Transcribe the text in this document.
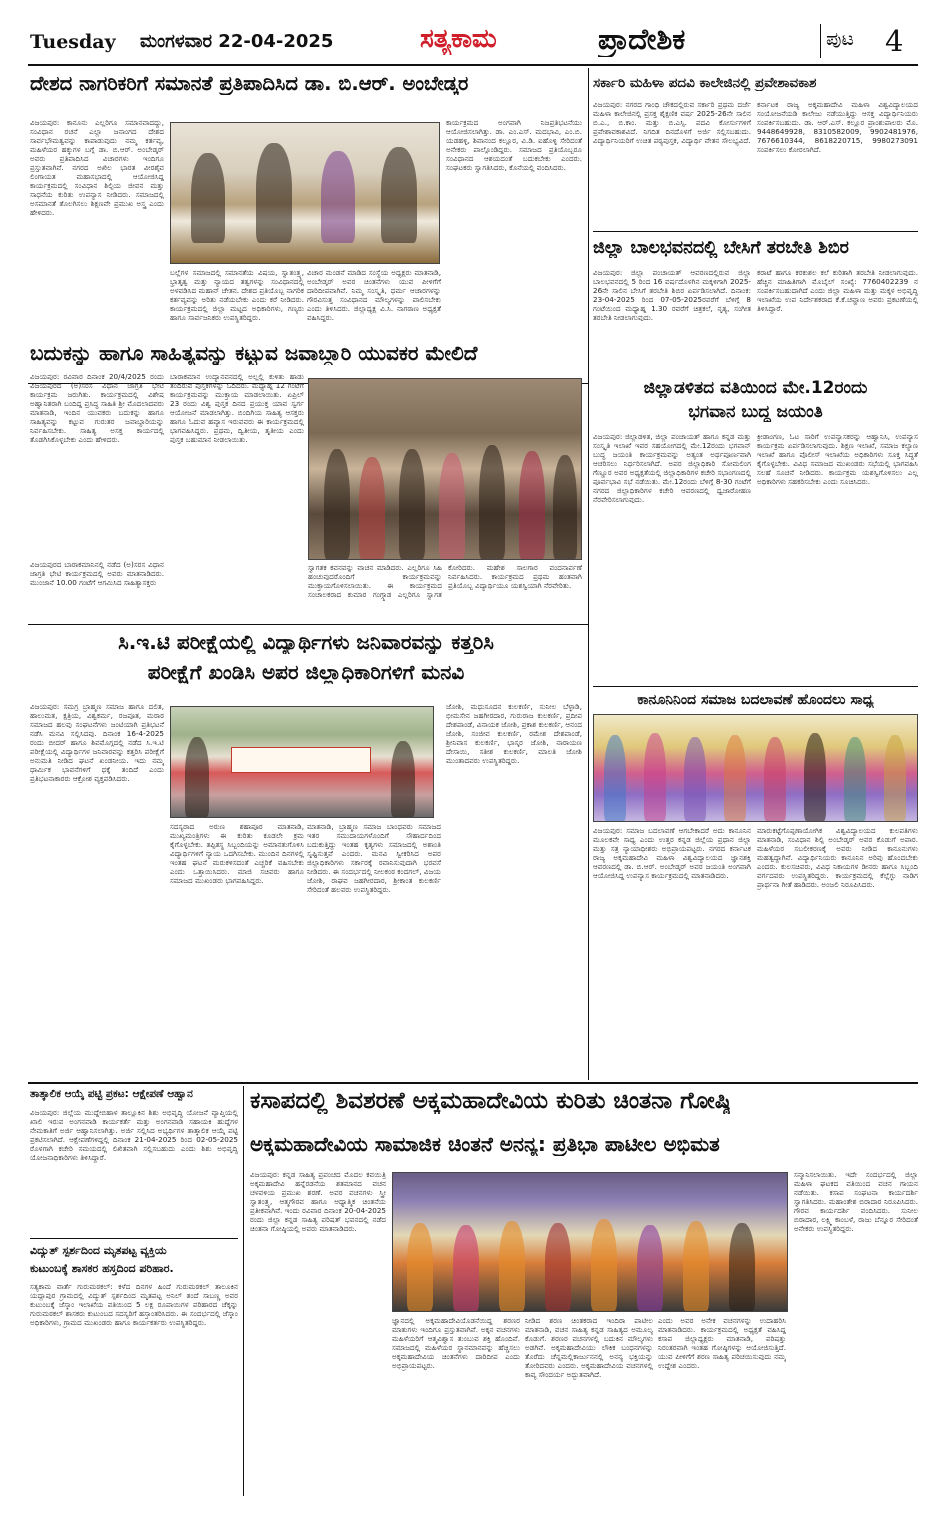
Tuesday ಮಂಗಳವಾರ 22-04-2025	ಸತ್ಯಕಾಮ	ಪ್ರಾದೇಶಿಕ	ಪುಟ 4
ದೇಶದ ನಾಗರಿಕರಿಗೆ ಸಮಾನತೆ ಪ್ರತಿಪಾದಿಸಿದ ಡಾ. ಬಿ.ಆರ್. ಅಂಬೇಡ್ಕರ
ವಿಜಯಪುರ: ಕಾನೂನು ಎಲ್ಲರಿಗೂ ಸಮಾನವಾದದ್ದು, ಸಂವಿಧಾನ ರಚನೆ ಎಲ್ಲಾ ಜನಾಂಗದ ದೇಶದ ಸಾರ್ವಭೌಮತ್ವವನ್ನು ಕಾಪಾಡುವುದು ನಮ್ಮ ಕರ್ತವ್ಯ, ಮಹಿಳೆಯರ ಹಕ್ಕುಗಳ ಬಗ್ಗೆ ಡಾ. ಬಿ.ಆರ್. ಅಂಬೇಡ್ಕರ್ ಅವರು ಪ್ರತಿಪಾದಿಸಿದ ವಿಚಾರಗಳು ಇಂದಿಗೂ ಪ್ರಸ್ತುತವಾಗಿವೆ. ನಗರದ ಅಖಿಲ ಭಾರತ ವೀರಶೈವ ಲಿಂಗಾಯತ ಮಹಾಸಭಾದಲ್ಲಿ ಆಯೋಜಿಸಿದ್ದ ಕಾರ್ಯಕ್ರಮದಲ್ಲಿ ಸಂವಿಧಾನ ಶಿಲ್ಪಿಯ ಜೀವನ ಮತ್ತು ಸಾಧನೆಯ ಕುರಿತು ಉಪನ್ಯಾಸ ನೀಡಿದರು. ಸಮಾಜದಲ್ಲಿ ಅಸಮಾನತೆ ತೊಲಗಿಸಲು ಶಿಕ್ಷಣವೇ ಪ್ರಮುಖ ಅಸ್ತ್ರ ಎಂದು ಹೇಳಿದರು.
ಬಲ್ಲೆಗಳ ಸಮಾಜದಲ್ಲಿ ಸಮಾನತೆಯ ವಿಷಯ, ಸ್ವಾತಂತ್ರ್ಯ, ಭ್ರಾತೃತ್ವ ಮತ್ತು ನ್ಯಾಯದ ತತ್ವಗಳನ್ನು ಸಂವಿಧಾನದಲ್ಲಿ ಅಳವಡಿಸಿದ ಮಹಾನ್ ಚೇತನ. ದೇಶದ ಪ್ರತಿಯೊಬ್ಬ ನಾಗರಿಕ ಕರ್ತವ್ಯವನ್ನು ಅರಿತು ನಡೆಯಬೇಕು ಎಂದು ಕರೆ ನೀಡಿದರು. ಕಾರ್ಯಕ್ರಮದಲ್ಲಿ ಜಿಲ್ಲಾ ಮಟ್ಟದ ಅಧಿಕಾರಿಗಳು, ಗಣ್ಯರು ಹಾಗೂ ಸಾರ್ವಜನಿಕರು ಉಪಸ್ಥಿತರಿದ್ದರು.
ವಿಚಾರ ಮಂಡನೆ ಮಾಡಿದ ಸಂಸ್ಥೆಯ ಅಧ್ಯಕ್ಷರು ಮಾತನಾಡಿ, ಅಂಬೇಡ್ಕರ್ ಅವರ ಚಿಂತನೆಗಳು ಯುವ ಪೀಳಿಗೆಗೆ ದಾರಿದೀಪವಾಗಿವೆ. ನಿಮ್ಮ ಸಂಸ್ಕೃತಿ, ಧರ್ಮ ಆಚಾರಗಳನ್ನು ಗೌರವಿಸುತ್ತ ಸಂವಿಧಾನದ ಮೌಲ್ಯಗಳನ್ನು ಪಾಲಿಸಬೇಕು ಎಂದು ತಿಳಿಸಿದರು. ಜಿಲ್ಲಾಧ್ಯಕ್ಷ ವಿ.ಸಿ. ನಾಗಠಾಣ ಅಧ್ಯಕ್ಷತೆ ವಹಿಸಿದ್ದರು.
ಕಾರ್ಯಕ್ರಮದ ಅಂಗವಾಗಿ ನಿಜಪ್ರತಿಭಟನೆಯು ಆಯೋಜಿಸಲಾಗಿತ್ತು. ಡಾ. ಎಂ.ಎಸ್. ಮದಭಾವಿ, ಎಂ.ಬಿ. ಯಡಹಳ್ಳಿ, ಶಿವಾನಂದ ಕಲ್ಲೂರ, ವಿ.ಡಿ. ಐಹೊಳ್ಳಿ ಸೇರಿದಂತೆ ಅನೇಕರು ಪಾಲ್ಗೊಂಡಿದ್ದರು. ಸಮಾಜದ ಪ್ರತಿಯೊಬ್ಬರೂ ಸಂವಿಧಾನದ ಆಶಯದಂತೆ ಬದುಕಬೇಕು ಎಂದರು. ಸಂಘಟಕರು ಸ್ವಾಗತಿಸಿದರು, ಕೊನೆಯಲ್ಲಿ ವಂದಿಸಿದರು.
ಸರ್ಕಾರಿ ಮಹಿಳಾ ಪದವಿ ಕಾಲೇಜಿನಲ್ಲಿ ಪ್ರವೇಶಾವಕಾಶ
ವಿಜಯಪುರ: ನಗರದ ಗಾಂಧಿ ಚೌಕದಲ್ಲಿರುವ ಸರ್ಕಾರಿ ಪ್ರಥಮ ದರ್ಜೆ ಮಹಿಳಾ ಕಾಲೇಜಿನಲ್ಲಿ ಪ್ರಸಕ್ತ ಶೈಕ್ಷಣಿಕ ವರ್ಷ 2025-26ನೇ ಸಾಲಿನ ಬಿ.ಎ., ಬಿ.ಕಾಂ. ಮತ್ತು ಬಿ.ಎಸ್ಸಿ. ಪದವಿ ಕೋರ್ಸುಗಳಿಗೆ ಪ್ರವೇಶಾವಕಾಶವಿದೆ. ನಿಗದಿತ ದಿನದೊಳಗೆ ಅರ್ಜಿ ಸಲ್ಲಿಸಬಹುದು. ವಿದ್ಯಾರ್ಥಿನಿಯರಿಗೆ ಉಚಿತ ಪಠ್ಯಪುಸ್ತಕ, ವಿದ್ಯಾರ್ಥಿ ವೇತನ ಸೌಲಭ್ಯವಿದೆ.
ಕರ್ನಾಟಕ ರಾಜ್ಯ ಅಕ್ಕಮಹಾದೇವಿ ಮಹಿಳಾ ವಿಶ್ವವಿದ್ಯಾಲಯದ ಸಂಯೋಜನೆಯಡಿ ಕಾಲೇಜು ನಡೆಯುತ್ತಿದ್ದು ಆಸಕ್ತ ವಿದ್ಯಾರ್ಥಿನಿಯರು ಸಂಪರ್ಕಿಸಬಹುದು. ಡಾ. ಆರ್.ಎಸ್. ಕಲ್ಲೂರ ಪ್ರಾಂಶುಪಾಲರು ಮೊ. 9448649928, 8310582009, 9902481976, 7676610344, 8618220715, 9980273091 ಸಂಪರ್ಕಿಸಲು ಕೋರಲಾಗಿದೆ.
ಜಿಲ್ಲಾ ಬಾಲಭವನದಲ್ಲಿ ಬೇಸಿಗೆ ತರಬೇತಿ ಶಿಬಿರ
ವಿಜಯಪುರ: ಜಿಲ್ಲಾ ಪಂಚಾಯತ್ ಆವರಣದಲ್ಲಿರುವ ಜಿಲ್ಲಾ ಬಾಲಭವನದಲ್ಲಿ 5 ರಿಂದ 16 ವರ್ಷದೊಳಗಿನ ಮಕ್ಕಳಿಗಾಗಿ 2025-26ನೇ ಸಾಲಿನ ಬೇಸಿಗೆ ತರಬೇತಿ ಶಿಬಿರ ಏರ್ಪಡಿಸಲಾಗಿದೆ. ದಿನಾಂಕ: 23-04-2025 ರಿಂದ 07-05-2025ರವರೆಗೆ ಬೆಳಿಗ್ಗೆ 8 ಗಂಟೆಯಿಂದ ಮಧ್ಯಾಹ್ನ 1.30 ರವರೆಗೆ ಚಿತ್ರಕಲೆ, ನೃತ್ಯ, ಸಂಗೀತ ತರಬೇತಿ ನೀಡಲಾಗುವುದು.
ಕರಾಟೆ ಹಾಗೂ ಕರಕುಶಲ ಕಲೆ ಕುರಿತಾಗಿ ತರಬೇತಿ ನೀಡಲಾಗುವುದು. ಹೆಚ್ಚಿನ ಮಾಹಿತಿಗಾಗಿ ಮೊಬೈಲ್ ಸಂಖ್ಯೆ: 7760402239 ನ ಸಂಪರ್ಕಿಸಬಹುದಾಗಿದೆ ಎಂದು ಜಿಲ್ಲಾ ಮಹಿಳಾ ಮತ್ತು ಮಕ್ಕಳ ಅಭಿವೃದ್ಧಿ ಇಲಾಖೆಯ ಉಪ ನಿರ್ದೇಶಕರಾದ ಕೆ.ಕೆ.ಚವ್ಹಾಣ ಅವರು ಪ್ರಕಟಣೆಯಲ್ಲಿ ತಿಳಿಸಿದ್ದಾರೆ.
ಬದುಕನ್ನು ಹಾಗೂ ಸಾಹಿತ್ಯವನ್ನು ಕಟ್ಟುವ ಜವಾಬ್ದಾರಿ ಯುವಕರ ಮೇಲಿದೆ
ವಿಜಯಪುರ: ರವಿವಾರ ದಿನಾಂಕ 20/4/2025 ರಂದು ವಿಜಯಪುರದ (ಅ)ಸರಸ ವಿಧಾನ ಜಾಗ್ರತಿ ಭೇಟಿ ಕಾರ್ಯಕ್ರಮ ಜರುಗಿತು. ಕಾರ್ಯಕ್ರಮದಲ್ಲಿ ವಿಶೇಷ ಅಹ್ವಾನಿತರಾಗಿ ಬಂದಿದ್ದ ಪ್ರಸಿದ್ಧ ಸಾಹಿತಿ ಶ್ರೀ ಮೊದಲಾದವರು ಮಾತನಾಡಿ, ಇಂದಿನ ಯುವಕರು ಬದುಕನ್ನು ಹಾಗೂ ಸಾಹಿತ್ಯವನ್ನು ಕಟ್ಟುವ ಗುರುತರ ಜವಾಬ್ದಾರಿಯನ್ನು ನಿರ್ವಹಿಸಬೇಕು. ಸಾಹಿತ್ಯ ಅಸಕ್ತ ಕಾರ್ಯದಲ್ಲಿ ತೊಡಗಿಸಿಕೊಳ್ಳಬೇಕು ಎಂದು ಹೇಳಿದರು.
ವಿಜಯಪುರದ ಬಾರಾಕಮಾನಿನಲ್ಲಿ ನಡೆದ (ಅ)ಸರಸ ವಿಧಾನ ಜಾಗ್ರತಿ ಭೇಟಿ ಕಾರ್ಯಕ್ರಮದಲ್ಲಿ ಅವರು ಮಾತನಾಡಿದರು. ಮುಂಜಾನೆ 10.00 ಗಂಟೆಗೆ ಆಗಮಿಸಿದ ಸಾಹಿತ್ಯಾಸಕ್ತರು
ಬಾರಾಕಮಾನ ಉದ್ಯಾನವನದಲ್ಲಿ ಅಲ್ಲಲ್ಲಿ ಕುಳಿತು ಹಾಡು ತಂದಿರುವ ಪುಸ್ತಕಗಳನ್ನು ಓದಿದರು. ಮಧ್ಯಾಹ್ನ 12 ಗಂಟೆಗೆ ಕಾರ್ಯಕ್ರಮವನ್ನು ಮುಕ್ತಾಯ ಮಾಡಲಾಯಿತು. ಏಪ್ರಿಲ್ 23 ರಂದು ವಿಶ್ವ ಪುಸ್ತಕ ದಿನದ ಪ್ರಯುಕ್ತ ಯಾವ ಸ್ವರ್ಗ ಆಯೋಜನೆ ಮಾಡಲಾಗಿತ್ತು. ಬಿಂದಿಗಿಯ ಸಾಹಿತ್ಯ ಆಸಕ್ತರು ಹಾಗೂ ಓದುವ ಹವ್ಯಾಸ ಇರುವವರು ಈ ಕಾರ್ಯಕ್ರಮದಲ್ಲಿ ಭಾಗವಹಿಸಿದ್ದರು. ಪ್ರಥಮ, ದ್ವಿತೀಯ, ತೃತೀಯ ಎಂದು ಪುಸ್ತಕ ಬಹುಮಾನ ನೀಡಲಾಯಿತು.
ಸ್ವಾಗತಕ ಕವನವನ್ನು ವಾಚನ ಮಾಡಿದರು. ಎಲ್ಲರಿಗೂ ಸಿಹಿ ಹಂಚುವುದರೊಂದಿಗೆ ಕಾರ್ಯಕ್ರಮವನ್ನು ಮುಕ್ತಾಯಗೊಳಿಸಲಾಯಿತು. ಈ ಕಾರ್ಯಕ್ರಮದ ಸಂಚಾಲಕರಾದ ಕುಮಾರ ಗಂಗ್ಗ್ನಾಡ ಎಲ್ಲರಿಗೂ ಸ್ವಾಗತ ಕೋರಿದರು. ಮಹೇಶ ಸಾಲಗಾರ ವಂದನಾರ್ಪಣೆ ನಿರ್ವಹಿಸಿದರು. ಕಾರ್ಯಕ್ರಮದ ಪ್ರಥಮ ಹಂತವಾಗಿ ಪ್ರತಿಯೊಬ್ಬ ವಿದ್ಯಾರ್ಥಿಯೂ ಯಶಸ್ವಿಯಾಗಿ ನೆರವೇರಿತು.
ಜಿಲ್ಲಾಡಳಿತದ ವತಿಯಿಂದ ಮೇ.12ರಂದು
ಭಗವಾನ ಬುದ್ಧ ಜಯಂತಿ
ವಿಜಯಪುರ: ಜಿಲ್ಲಾಡಳಿತ, ಜಿಲ್ಲಾ ಪಂಚಾಯತ್ ಹಾಗೂ ಕನ್ನಡ ಮತ್ತು ಸಂಸ್ಕೃತಿ ಇಲಾಖೆ ಇವರ ಸಹಯೋಗದಲ್ಲಿ ಮೇ.12ರಂದು ಭಗವಾನ್ ಬುದ್ಧ ಜಯಂತಿ ಕಾರ್ಯಕ್ರಮವನ್ನು ಅತ್ಯಂತ ಅರ್ಥಪೂರ್ಣವಾಗಿ ಆಚರಿಸಲು ನಿರ್ಧರಿಸಲಾಗಿದೆ. ಅಪರ ಜಿಲ್ಲಾಧಿಕಾರಿ ಸೋಮಲಿಂಗ ಗೆಣ್ಣೂರ ಅವರ ಅಧ್ಯಕ್ಷತೆಯಲ್ಲಿ ಜಿಲ್ಲಾಧಿಕಾರಿಗಳ ಕಚೇರಿ ಸಭಾಂಗಣದಲ್ಲಿ ಪೂರ್ವಭಾವಿ ಸಭೆ ನಡೆಯಿತು. ಮೇ.12ರಂದು ಬೆಳಿಗ್ಗೆ 8-30 ಗಂಟೆಗೆ ನಗರದ ಜಿಲ್ಲಾಧಿಕಾರಿಗಳ ಕಚೇರಿ ಆವರಣದಲ್ಲಿ ಧ್ವಜಾರೋಹಣ ನೆರವೇರಿಸಲಾಗುವುದು.
ಕ್ರೀಡಾಂಗಣ, ಓಟ ಸಾರಿಗೆ ಉಪನ್ಯಾಸಕರನ್ನು ಆಹ್ವಾನಿಸಿ, ಉಪನ್ಯಾಸ ಕಾರ್ಯಕ್ರಮ ಏರ್ಪಡಿಸಲಾಗುವುದು. ಶಿಕ್ಷಣ ಇಲಾಖೆ, ಸಮಾಜ ಕಲ್ಯಾಣ ಇಲಾಖೆ ಹಾಗೂ ಪೊಲೀಸ್ ಇಲಾಖೆಯ ಅಧಿಕಾರಿಗಳು ಸೂಕ್ತ ಸಿದ್ಧತೆ ಕೈಗೊಳ್ಳಬೇಕು. ವಿವಿಧ ಸಮಾಜದ ಮುಖಂಡರು ಸಭೆಯಲ್ಲಿ ಭಾಗವಹಿಸಿ ಸಲಹೆ ಸೂಚನೆ ನೀಡಿದರು. ಕಾರ್ಯಕ್ರಮ ಯಶಸ್ವಿಗೊಳಿಸಲು ಎಲ್ಲ ಅಧಿಕಾರಿಗಳು ಸಹಕರಿಸಬೇಕು ಎಂದು ಸೂಚಿಸಿದರು.
ಸಿ.ಇ.ಟಿ ಪರೀಕ್ಷೆಯಲ್ಲಿ ವಿದ್ಯಾರ್ಥಿಗಳು ಜನಿವಾರವನ್ನು ಕತ್ತರಿಸಿ
ಪರೀಕ್ಷೆಗೆ ಖಂಡಿಸಿ ಅಪರ ಜಿಲ್ಲಾಧಿಕಾರಿಗಳಿಗೆ ಮನವಿ
ವಿಜಯಪುರ: ಸಮಗ್ರ ಬ್ರಾಹ್ಮಣ ಸಮಾಜ ಹಾಗೂ ದಲಿತ, ಹಾಲುಮತ, ಕ್ಷತ್ರಿಯ, ವಿಶ್ವಕರ್ಮ, ರಜಪೂತ, ಮರಾಠ ಸಮಾಜದ ಹಲವು ಸಂಘಟನೆಗಳು ಜಂಟಿಯಾಗಿ ಪ್ರತಿಭಟನೆ ನಡೆಸಿ ಮನವಿ ಸಲ್ಲಿಸಿದವು. ದಿನಾಂಕ 16-4-2025 ರಂದು ಬೀದರ್ ಹಾಗೂ ಶಿವಮೊಗ್ಗದಲ್ಲಿ ನಡೆದ ಸಿ.ಇ.ಟಿ ಪರೀಕ್ಷೆಯಲ್ಲಿ ವಿದ್ಯಾರ್ಥಿಗಳ ಜನಿವಾರವನ್ನು ಕತ್ತರಿಸಿ ಪರೀಕ್ಷೆಗೆ ಅನುಮತಿ ನೀಡಿದ ಘಟನೆ ಖಂಡನೀಯ. ಇದು ನಮ್ಮ ಧಾರ್ಮಿಕ ಭಾವನೆಗಳಿಗೆ ಧಕ್ಕೆ ತಂದಿದೆ ಎಂದು ಪ್ರತಿಭಟನಾಕಾರರು ಆಕ್ರೋಶ ವ್ಯಕ್ತಪಡಿಸಿದರು.
ಸದಸ್ಯರಾದ ಅರುಣ ಶಹಾಪೂರ ಮಾತನಾಡಿ, ಮುಖ್ಯಮಂತ್ರಿಗಳು ಈ ಕುರಿತು ಕೂಡಲೇ ಕ್ರಮ ಕೈಗೊಳ್ಳಬೇಕು. ತಪ್ಪಿತಸ್ಥ ಸಿಬ್ಬಂದಿಯನ್ನು ಅಮಾನತುಗೊಳಿಸಿ ವಿದ್ಯಾರ್ಥಿಗಳಿಗೆ ನ್ಯಾಯ ಒದಗಿಸಬೇಕು. ಮುಂದಿನ ದಿನಗಳಲ್ಲಿ ಇಂತಹ ಘಟನೆ ಮರುಕಳಿಸದಂತೆ ಎಚ್ಚರಿಕೆ ವಹಿಸಬೇಕು ಎಂದು ಒತ್ತಾಯಿಸಿದರು. ಮಾಜಿ ಸಚಿವರು ಹಾಗೂ ಸಮಾಜದ ಮುಖಂಡರು ಭಾಗವಹಿಸಿದ್ದರು.
ಮಾತನಾಡಿ, ಬ್ರಾಹ್ಮಣ ಸಮಾಜ ಬಾಂಧವರು ಸಮಾಜದ ಇತರ ಸಮುದಾಯಗಳೊಂದಿಗೆ ಸೌಹಾರ್ದದಿಂದ ಬದುಕುತ್ತಿದ್ದು ಇಂತಹ ಕೃತ್ಯಗಳು ಸಮಾಜದಲ್ಲಿ ಅಶಾಂತಿ ಸೃಷ್ಟಿಸುತ್ತವೆ ಎಂದರು. ಮನವಿ ಸ್ವೀಕರಿಸಿದ ಅಪರ ಜಿಲ್ಲಾಧಿಕಾರಿಗಳು ಸರ್ಕಾರಕ್ಕೆ ರವಾನಿಸುವುದಾಗಿ ಭರವಸೆ ನೀಡಿದರು. ಈ ಸಂದರ್ಭದಲ್ಲಿ ನೀಲಕಂಠ ಕಂದಗಲ್, ವಿಜಯ ಜೋಶಿ, ರಾಘವ ಜಹಗೀರದಾರ, ಶ್ರೀಕಾಂತ ಕುಲಕರ್ಣಿ ಸೇರಿದಂತೆ ಹಲವರು ಉಪಸ್ಥಿತರಿದ್ದರು.
ಜೋಶಿ, ಮಧುಸೂದನ ಕುಲಕರ್ಣಿ, ಸುನೀಲ ಬೆಳ್ಳಾಡಿ, ಭೀಮಸೇನ ಜಹಗೀರದಾರ, ಗುರುರಾಜ ಕುಲಕರ್ಣಿ, ಪ್ರದೀಪ ದೇಶಪಾಂಡೆ, ವಿನಾಯಕ ಜೋಶಿ, ಪ್ರಕಾಶ ಕುಲಕರ್ಣಿ, ಆನಂದ ಜೋಶಿ, ಸಂಜೀವ ಕುಲಕರ್ಣಿ, ರಮೇಶ ದೇಶಪಾಂಡೆ, ಶ್ರೀನಿವಾಸ ಕುಲಕರ್ಣಿ, ಭಾಸ್ಕರ ಜೋಶಿ, ನಾರಾಯಣ ದೇಸಾಯಿ, ಸತೀಶ ಕುಲಕರ್ಣಿ, ಮಾಲತಿ ಜೋಶಿ ಮುಂತಾದವರು ಉಪಸ್ಥಿತರಿದ್ದರು.
ಕಾನೂನಿನಿಂದ ಸಮಾಜ ಬದಲಾವಣೆ ಹೊಂದಲು ಸಾಧ್ಯ
ವಿಜಯಪುರ: ಸಮಾಜ ಬದಲಾವಣೆ ಆಗಬೇಕಾದರೆ ಅದು ಕಾನೂನಿನ ಮೂಲಕವೇ ಸಾಧ್ಯ ಎಂದು ಉತ್ತರ ಕನ್ನಡ ಜಿಲ್ಲೆಯ ಪ್ರಧಾನ ಜಿಲ್ಲಾ ಮತ್ತು ಸತ್ರ ನ್ಯಾಯಾಧೀಶರು ಅಭಿಪ್ರಾಯಪಟ್ಟರು. ನಗರದ ಕರ್ನಾಟಕ ರಾಜ್ಯ ಅಕ್ಕಮಹಾದೇವಿ ಮಹಿಳಾ ವಿಶ್ವವಿದ್ಯಾಲಯದ ಜ್ಞಾನಶಕ್ತಿ ಆವರಣದಲ್ಲಿ ಡಾ. ಬಿ.ಆರ್. ಅಂಬೇಡ್ಕರ್ ಅವರ ಜಯಂತಿ ಅಂಗವಾಗಿ ಆಯೋಜಿಸಿದ್ದ ಉಪನ್ಯಾಸ ಕಾರ್ಯಕ್ರಮದಲ್ಲಿ ಮಾತನಾಡಿದರು.
ಮಾರುಕಟ್ಟೆಗೊಪ್ಪಣಾಯೋಗಿಕ ವಿಶ್ವವಿದ್ಯಾಲಯದ ಕುಲಪತಿಗಳು ಮಾತನಾಡಿ, ಸಂವಿಧಾನ ಶಿಲ್ಪಿ ಅಂಬೇಡ್ಕರ್ ಅವರ ಕೊಡುಗೆ ಅಪಾರ. ಮಹಿಳೆಯರ ಸಬಲೀಕರಣಕ್ಕೆ ಅವರು ನೀಡಿದ ಕಾನೂನುಗಳು ಮಹತ್ವದ್ದಾಗಿವೆ. ವಿದ್ಯಾರ್ಥಿನಿಯರು ಕಾನೂನಿನ ಅರಿವು ಹೊಂದಬೇಕು ಎಂದರು. ಕುಲಸಚಿವರು, ವಿವಿಧ ನಿಕಾಯಗಳ ಡೀನರು ಹಾಗೂ ಸಿಬ್ಬಂದಿ ವರ್ಗದವರು ಉಪಸ್ಥಿತರಿದ್ದರು. ಕಾರ್ಯಕ್ರಮದಲ್ಲಿ ಕೆಲ್ಲೆಗ್ಳು ನಾಡಿಗ ಪ್ರಾರ್ಥನಾ ಗೀತೆ ಹಾಡಿದರು. ಅಂಜಲಿ ನಿರೂಪಿಸಿದರು.
ತಾತ್ಕಾಲಿಕ ಆಯ್ಕೆ ಪಟ್ಟಿ ಪ್ರಕಟ: ಆಕ್ಷೇಪಣೆ ಆಹ್ವಾನ
ವಿಜಯಪುರ: ಜಿಲ್ಲೆಯ ಮುದ್ದೇಬಿಹಾಳ ತಾಲ್ಲೂಕಿನ ಶಿಶು ಅಭಿವೃದ್ಧಿ ಯೋಜನೆ ವ್ಯಾಪ್ತಿಯಲ್ಲಿ ಖಾಲಿ ಇರುವ ಅಂಗನವಾಡಿ ಕಾರ್ಯಕರ್ತೆ ಮತ್ತು ಅಂಗನವಾಡಿ ಸಹಾಯಕಿ ಹುದ್ದೆಗಳ ನೇಮಕಾತಿಗೆ ಅರ್ಜಿ ಆಹ್ವಾನಿಸಲಾಗಿತ್ತು. ಅರ್ಜಿ ಸಲ್ಲಿಸಿದ ಅಭ್ಯರ್ಥಿಗಳ ತಾತ್ಕಾಲಿಕ ಆಯ್ಕೆ ಪಟ್ಟಿ ಪ್ರಕಟಿಸಲಾಗಿದೆ. ಆಕ್ಷೇಪಣೆಗಳಿದ್ದಲ್ಲಿ ದಿನಾಂಕ 21-04-2025 ರಿಂದ 02-05-2025 ರೊಳಗಾಗಿ ಕಚೇರಿ ಸಮಯದಲ್ಲಿ ಲಿಖಿತವಾಗಿ ಸಲ್ಲಿಸಬಹುದು ಎಂದು ಶಿಶು ಅಭಿವೃದ್ಧಿ ಯೋಜನಾಧಿಕಾರಿಗಳು ತಿಳಿಸಿದ್ದಾರೆ.
ವಿದ್ಯುತ್ ಸ್ಪರ್ಶದಿಂದ ಮೃತಪಟ್ಟ ವ್ಯಕ್ತಿಯ
ಕುಟುಂಬಕ್ಕೆ ಶಾಸಕರ ಹಸ್ತದಿಂದ ಪರಿಹಾರ.
ಸತ್ಯಕಾಮ ವಾರ್ತೆ ಗುರುಮಠಕಲ್: ಕಳೆದ ದಿನಗಳ ಹಿಂದೆ ಗುರುಮಠಕಲ್ ತಾಲೂಕಿನ ಯದ್ಲಾಪುರ ಗ್ರಾಮದಲ್ಲಿ ವಿದ್ಯುತ್ ಸ್ಪರ್ಶದಿಂದ ಮೃತಪಟ್ಟ ಅನಿಲ್ ತಂದೆ ಸಾಬಣ್ಣ ಅವರ ಕುಟುಂಬಕ್ಕೆ ಜೆಸ್ಕಾಂ ಇಲಾಖೆಯ ವತಿಯಿಂದ 5 ಲಕ್ಷ ರೂಪಾಯಿಗಳ ಪರಿಹಾರದ ಚೆಕ್ಕನ್ನು ಗುರುಮಠಕಲ್ ಶಾಸಕರು ಕುಟುಂಬದ ಸದಸ್ಯರಿಗೆ ಹಸ್ತಾಂತರಿಸಿದರು. ಈ ಸಂದರ್ಭದಲ್ಲಿ ಜೆಸ್ಕಾಂ ಅಧಿಕಾರಿಗಳು, ಗ್ರಾಮದ ಮುಖಂಡರು ಹಾಗೂ ಕಾರ್ಯಕರ್ತರು ಉಪಸ್ಥಿತರಿದ್ದರು.
ಕಸಾಪದಲ್ಲಿ ಶಿವಶರಣೆ ಅಕ್ಕಮಹಾದೇವಿಯ ಕುರಿತು ಚಿಂತನಾ ಗೋಷ್ಠಿ
ಅಕ್ಕಮಹಾದೇವಿಯ ಸಾಮಾಜಿಕ ಚಿಂತನೆ ಅನನ್ಯ: ಪ್ರತಿಭಾ ಪಾಟೀಲ ಅಭಿಮತ
ವಿಜಯಪುರ: ಕನ್ನಡ ಸಾಹಿತ್ಯ ಪ್ರಪಂಚದ ಮೊದಲ ಕವಯಿತ್ರಿ ಅಕ್ಕಮಹಾದೇವಿ ಹನ್ನೆರಡನೆಯ ಶತಮಾನದ ವಚನ ಚಳವಳಿಯ ಪ್ರಮುಖ ಶರಣೆ. ಅವರ ವಚನಗಳು ಸ್ತ್ರೀ ಸ್ವಾತಂತ್ರ್ಯ, ಆತ್ಮಗೌರವ ಹಾಗೂ ಆಧ್ಯಾತ್ಮಿಕ ಚಿಂತನೆಯ ಪ್ರತೀಕವಾಗಿವೆ. ಇಂದು ರವಿವಾರ ದಿನಾಂಕ 20-04-2025 ರಂದು ಜಿಲ್ಲಾ ಕನ್ನಡ ಸಾಹಿತ್ಯ ಪರಿಷತ್ ಭವನದಲ್ಲಿ ನಡೆದ ಚಿಂತನಾ ಗೋಷ್ಠಿಯಲ್ಲಿ ಅವರು ಮಾತನಾಡಿದರು.
ಜ್ಞಾನದಲ್ಲಿ ಅಕ್ಕಮಹಾದೇವಿಯೊಡನೆಯಿದ್ದ ಶರಣರ ಮಾತುಗಳು ಇಂದಿಗೂ ಪ್ರಸ್ತುತವಾಗಿವೆ. ಅಕ್ಕನ ವಚನಗಳು ಮಹಿಳೆಯರಿಗೆ ಆತ್ಮವಿಶ್ವಾಸ ತುಂಬುವ ಶಕ್ತಿ ಹೊಂದಿವೆ. ಸಮಾಜದಲ್ಲಿ ಮಹಿಳೆಯರ ಸ್ಥಾನಮಾನವನ್ನು ಹೆಚ್ಚಿಸಲು ಅಕ್ಕಮಹಾದೇವಿಯ ಚಿಂತನೆಗಳು ದಾರಿದೀಪ ಎಂದು ಅಭಿಪ್ರಾಯಪಟ್ಟರು.
ನೀಡಿದ ಶರಣ ಚಿಂತಕರಾದ ಇಂದಿರಾ ಪಾಟೀಲ ಮಾತನಾಡಿ, ವಚನ ಸಾಹಿತ್ಯ ಕನ್ನಡ ಸಾಹಿತ್ಯದ ಅಮೂಲ್ಯ ಕೊಡುಗೆ. ಶರಣರ ವಚನಗಳಲ್ಲಿ ಬದುಕಿನ ಮೌಲ್ಯಗಳು ಅಡಗಿವೆ. ಅಕ್ಕಮಹಾದೇವಿಯು ಲೌಕಿಕ ಬಂಧನಗಳನ್ನು ತೊರೆದು ಚೆನ್ನಮಲ್ಲಿಕಾರ್ಜುನನಲ್ಲಿ ಅನನ್ಯ ಭಕ್ತಿಯನ್ನು ತೋರಿದವರು ಎಂದರು. ಅಕ್ಕಮಹಾದೇವಿಯ ವಚನಗಳಲ್ಲಿ ಕಾವ್ಯ ಸೌಂದರ್ಯ ಅದ್ಭುತವಾಗಿದೆ.
ಎಂದು ಅವರ ಅನೇಕ ವಚನಗಳನ್ನು ಉದಾಹರಿಸಿ ಮಾತನಾಡಿದರು. ಕಾರ್ಯಕ್ರಮದಲ್ಲಿ ಅಧ್ಯಕ್ಷತೆ ವಹಿಸಿದ್ದ ಕಸಾಪ ಜಿಲ್ಲಾಧ್ಯಕ್ಷರು ಮಾತನಾಡಿ, ಪರಿಷತ್ತು ನಿರಂತರವಾಗಿ ಇಂತಹ ಗೋಷ್ಠಿಗಳನ್ನು ಆಯೋಜಿಸುತ್ತಿದೆ. ಯುವ ಪೀಳಿಗೆಗೆ ಶರಣ ಸಾಹಿತ್ಯ ಪರಿಚಯಿಸುವುದು ನಮ್ಮ ಉದ್ದೇಶ ಎಂದರು.
ಸನ್ಮಾನಿಸಲಾಯಿತು. ಇದೇ ಸಂದರ್ಭದಲ್ಲಿ ಜಿಲ್ಲಾ ಮಹಿಳಾ ಘಟಕದ ವತಿಯಿಂದ ವಚನ ಗಾಯನ ನಡೆಯಿತು. ಕಸಾಪ ಸಂಘಟನಾ ಕಾರ್ಯದರ್ಶಿ ಸ್ವಾಗತಿಸಿದರು. ಮಹಾಂತೇಶ ಬಿರಾದಾರ ನಿರೂಪಿಸಿದರು. ಗೌರವ ಕಾರ್ಯದರ್ಶಿ ವಂದಿಸಿದರು. ಸುನೀಲ ಬಿರಾದಾರ, ಲಕ್ಷ್ಮಿ ಕಾಂಬಳೆ, ರಾಜು ಬೆನ್ನೂರ ಸೇರಿದಂತೆ ಅನೇಕರು ಉಪಸ್ಥಿತರಿದ್ದರು.
